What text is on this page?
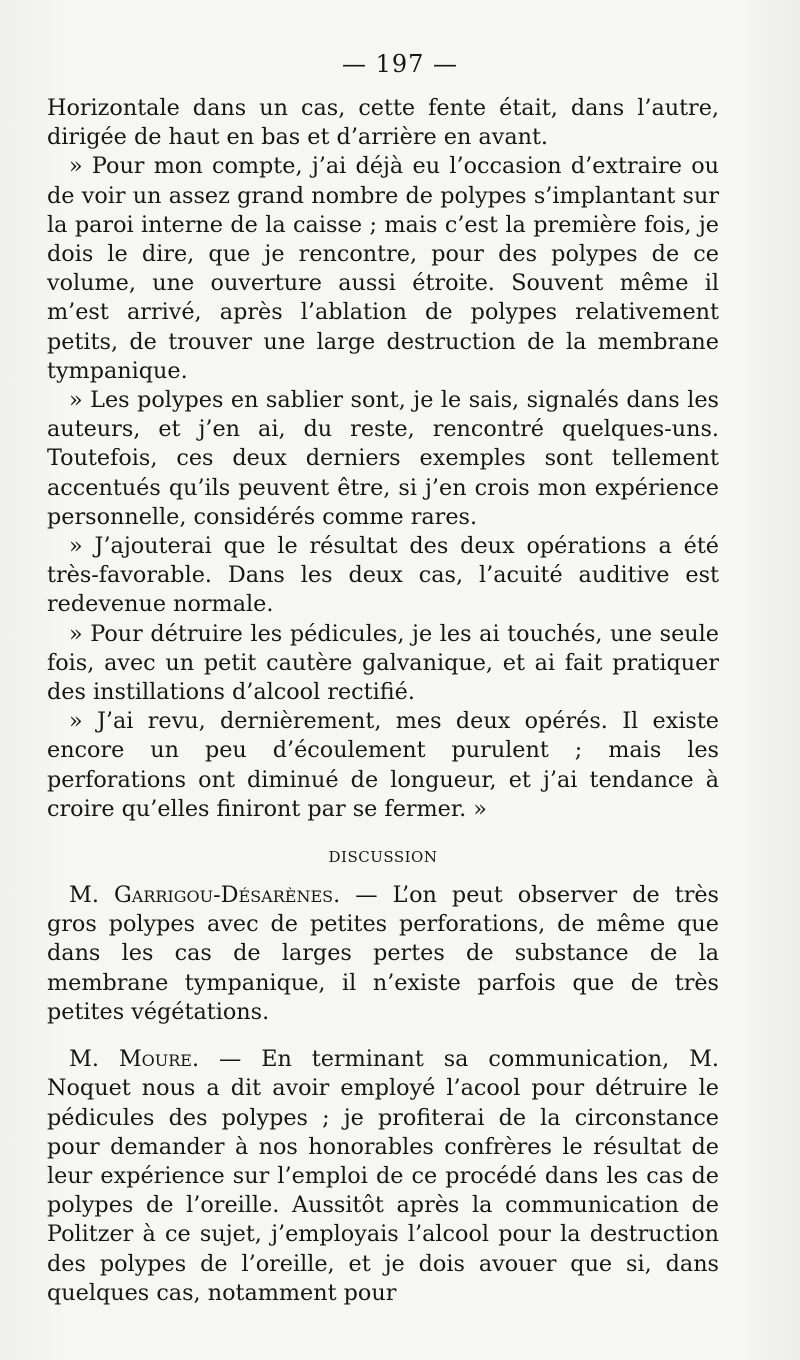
— 197 —

Horizontale dans un cas, cette fente était, dans l’autre, dirigée de haut en bas et d’arrière en avant.

» Pour mon compte, j’ai déjà eu l’occasion d’extraire ou de voir un assez grand nombre de polypes s’implantant sur la paroi interne de la caisse ; mais c’est la première fois, je dois le dire, que je rencontre, pour des polypes de ce volume, une ouverture aussi étroite. Souvent même il m’est arrivé, après l’ablation de polypes relativement petits, de trouver une large destruction de la membrane tympanique.

» Les polypes en sablier sont, je le sais, signalés dans les auteurs, et j’en ai, du reste, rencontré quelques-uns. Toutefois, ces deux derniers exemples sont tellement accentués qu’ils peuvent être, si j’en crois mon expérience personnelle, considérés comme rares.

» J’ajouterai que le résultat des deux opérations a été très-favorable. Dans les deux cas, l’acuité auditive est redevenue normale.

» Pour détruire les pédicules, je les ai touchés, une seule fois, avec un petit cautère galvanique, et ai fait pratiquer des instillations d’alcool rectifié.

» J’ai revu, dernièrement, mes deux opérés. Il existe encore un peu d’écoulement purulent ; mais les perforations ont diminué de longueur, et j’ai tendance à croire qu’elles finiront par se fermer. »

DISCUSSION

M. Garrigou-Désarènes. — L’on peut observer de très gros polypes avec de petites perforations, de même que dans les cas de larges pertes de substance de la membrane tympanique, il n’existe parfois que de très petites végétations.

M. Moure. — En terminant sa communication, M. Noquet nous a dit avoir employé l’acool pour détruire le pédicules des polypes ; je profiterai de la circonstance pour demander à nos honorables confrères le résultat de leur expérience sur l’emploi de ce procédé dans les cas de polypes de l’oreille. Aussitôt après la communication de Politzer à ce sujet, j’employais l’alcool pour la destruction des polypes de l’oreille, et je dois avouer que si, dans quelques cas, notamment pour
